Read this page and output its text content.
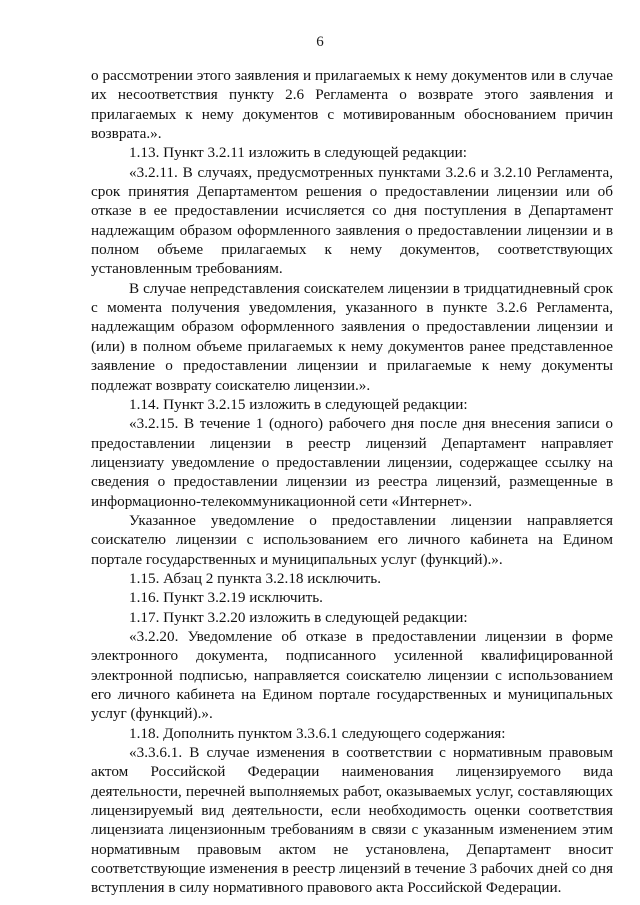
6

о рассмотрении этого заявления и прилагаемых к нему документов или в случае их несоответствия пункту 2.6 Регламента о возврате этого заявления и прилагаемых к нему документов с мотивированным обоснованием причин возврата.».

1.13. Пункт 3.2.11 изложить в следующей редакции:

«3.2.11. В случаях, предусмотренных пунктами 3.2.6 и 3.2.10 Регламента, срок принятия Департаментом решения о предоставлении лицензии или об отказе в ее предоставлении исчисляется со дня поступления в Департамент надлежащим образом оформленного заявления о предоставлении лицензии и в полном объеме прилагаемых к нему документов, соответствующих установленным требованиям.

В случае непредставления соискателем лицензии в тридцатидневный срок с момента получения уведомления, указанного в пункте 3.2.6 Регламента, надлежащим образом оформленного заявления о предоставлении лицензии и (или) в полном объеме прилагаемых к нему документов ранее представленное заявление о предоставлении лицензии и прилагаемые к нему документы подлежат возврату соискателю лицензии.».

1.14. Пункт 3.2.15 изложить в следующей редакции:

«3.2.15. В течение 1 (одного) рабочего дня после дня внесения записи о предоставлении лицензии в реестр лицензий Департамент направляет лицензиату уведомление о предоставлении лицензии, содержащее ссылку на сведения о предоставлении лицензии из реестра лицензий, размещенные в информационно-телекоммуникационной сети «Интернет».

Указанное уведомление о предоставлении лицензии направляется соискателю лицензии с использованием его личного кабинета на Едином портале государственных и муниципальных услуг (функций).».

1.15. Абзац 2 пункта 3.2.18 исключить.

1.16. Пункт 3.2.19 исключить.

1.17. Пункт 3.2.20 изложить в следующей редакции:

«3.2.20. Уведомление об отказе в предоставлении лицензии в форме электронного документа, подписанного усиленной квалифицированной электронной подписью, направляется соискателю лицензии с использованием его личного кабинета на Едином портале государственных и муниципальных услуг (функций).».

1.18. Дополнить пунктом 3.3.6.1 следующего содержания:

«3.3.6.1. В случае изменения в соответствии с нормативным правовым актом Российской Федерации наименования лицензируемого вида деятельности, перечней выполняемых работ, оказываемых услуг, составляющих лицензируемый вид деятельности, если необходимость оценки соответствия лицензиата лицензионным требованиям в связи с указанным изменением этим нормативным правовым актом не установлена, Департамент вносит соответствующие изменения в реестр лицензий в течение 3 рабочих дней со дня вступления в силу нормативного правового акта Российской Федерации.
